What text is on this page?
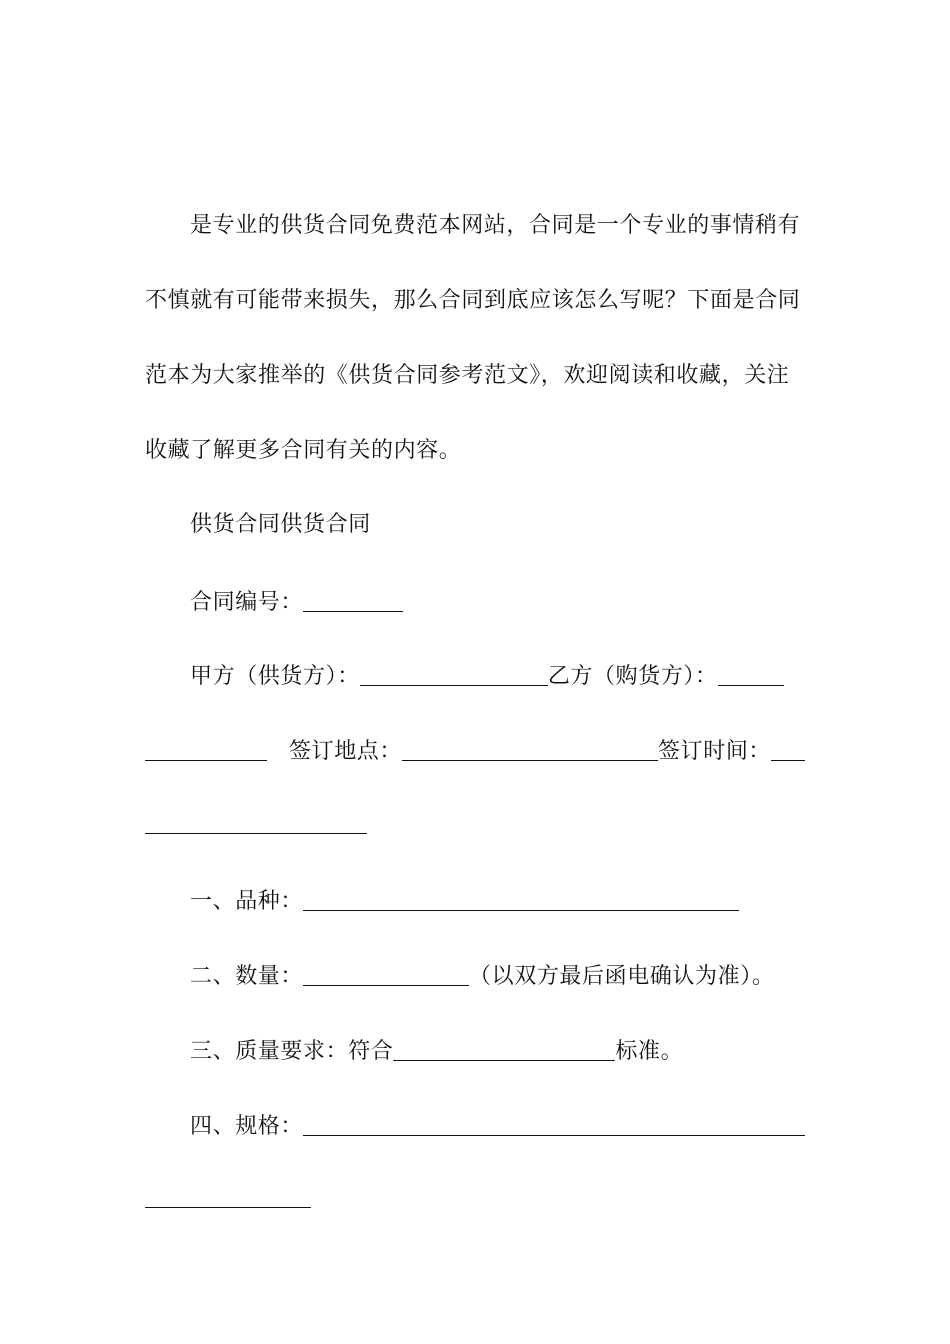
是专业的供货合同免费范本网站，合同是一个专业的事情稍有
不慎就有可能带来损失，那么合同到底应该怎么写呢？下面是合同
范本为大家推举的《供货合同参考范文》，欢迎阅读和收藏，关注
收藏了解更多合同有关的内容。
供货合同供货合同
合同编号：
甲方（供货方）：	乙方（购货方）：
签订地点：	签订时间：
一、品种：
二、数量：	（以双方最后函电确认为准）。
三、质量要求：符合	标准。
四、规格：
